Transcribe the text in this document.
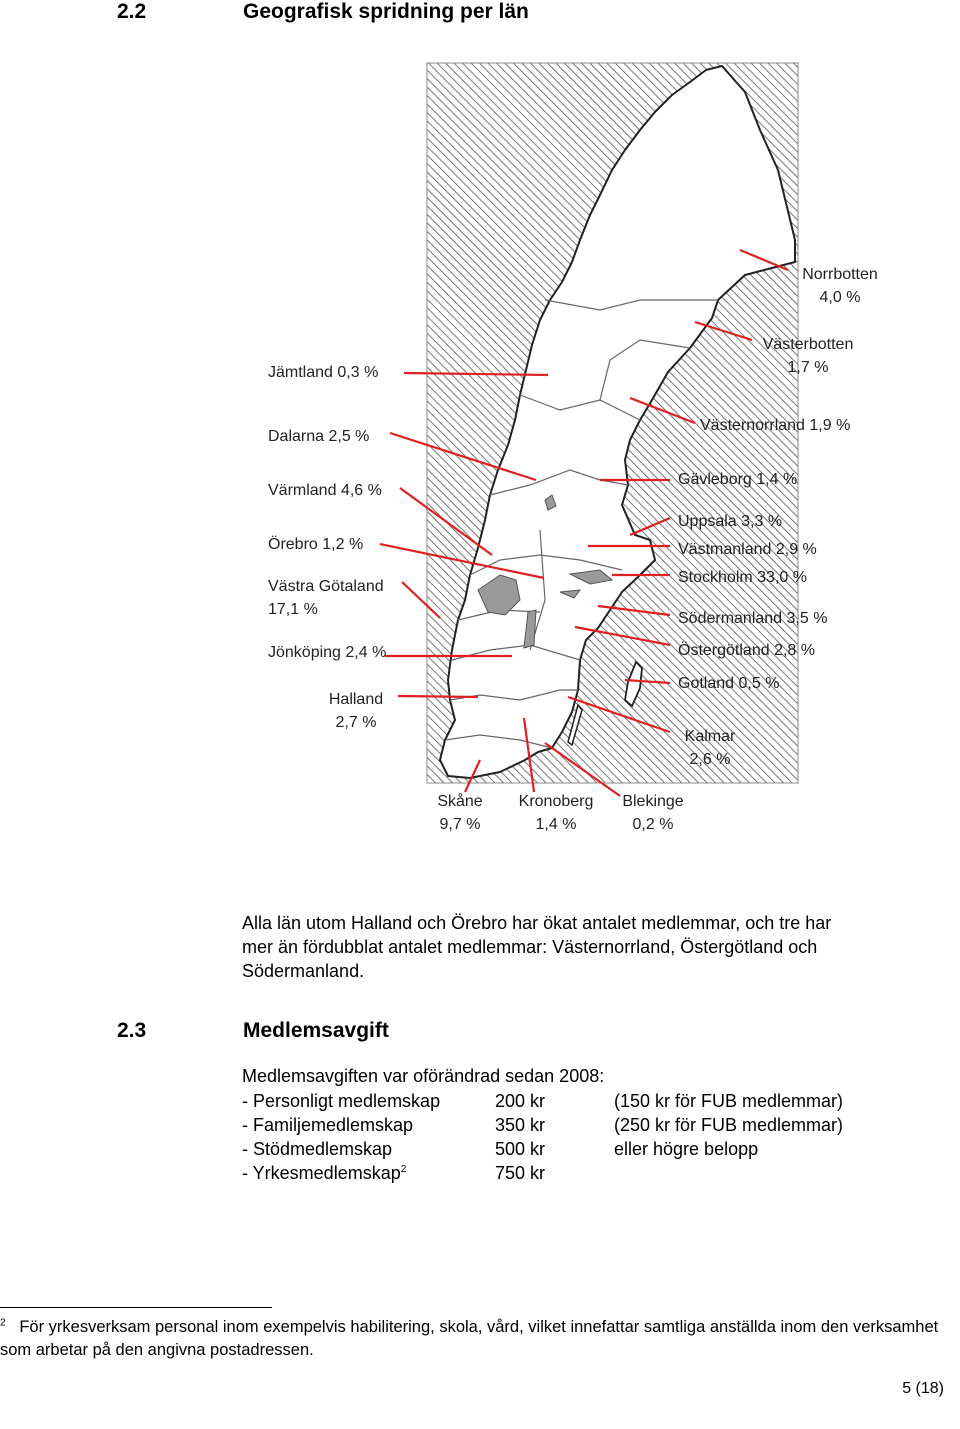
2.2	Geografisk spridning per län
Norrbotten
4,0 %
Västerbotten
1,7 %
Jämtland 0,3 %
Västernorrland 1,9 %
Dalarna 2,5 %
Värmland 4,6 %
Gävleborg 1,4 %
Uppsala 3,3 %
Örebro 1,2 %	Västmanland 2,9 %
Västra Götaland
17,1 %
Stockholm 33,0 %
Södermanland 3,5 %
Jönköping 2,4 %	Östergötland 2,8 %
Gotland 0,5 %
Halland
2,7 %
Kalmar
2,6 %
Skåne
9,7 %
Kronoberg
1,4 %
Blekinge
0,2 %
Alla län utom Halland och Örebro har ökat antalet medlemmar, och tre har
mer än fördubblat antalet medlemmar: Västernorrland, Östergötland och
Södermanland.
2.3	Medlemsavgift
Medlemsavgiften var oförändrad sedan 2008:
- Personligt medlemskap	200 kr	(150 kr för FUB medlemmar)
- Familjemedlemskap	350 kr	(250 kr för FUB medlemmar)
- Stödmedlemskap	500 kr	eller högre belopp
- Yrkesmedlemskap$^2$	750 kr
$^2$ För yrkesverksam personal inom exempelvis habilitering, skola, vård, vilket innefattar samtliga anställda inom den verksamhet som arbetar på den angivna postadressen.
5 (18)
